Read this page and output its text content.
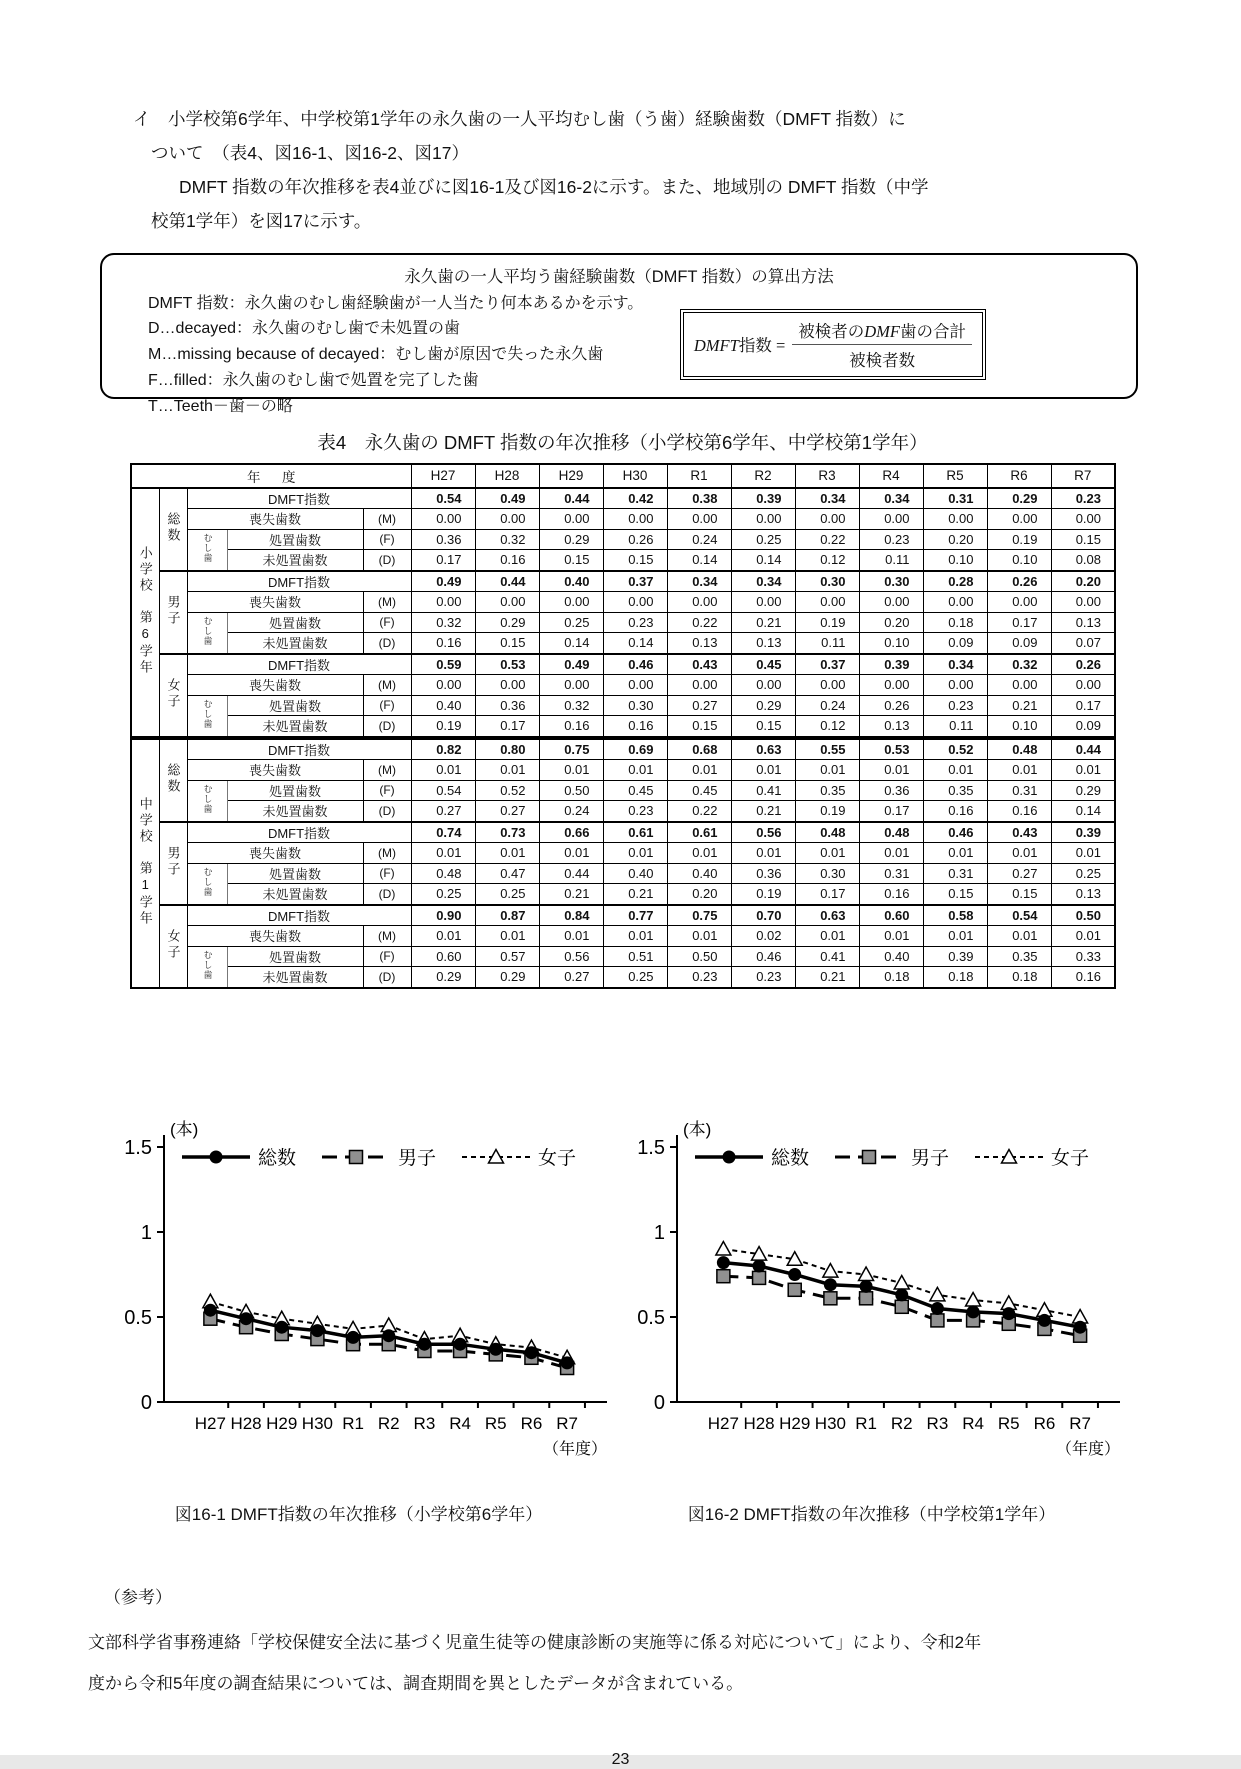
イ　小学校第6学年、中学校第1学年の永久歯の一人平均むし歯（う歯）経験歯数（DMFT 指数）に
ついて　（表4、図16-1、図16-2、図17）
DMFT 指数の年次推移を表4並びに図16-1及び図16-2に示す。また、地域別の DMFT 指数（中学
校第1学年）を図17に示す。
永久歯の一人平均う歯経験歯数（DMFT 指数）の算出方法
DMFT 指数：永久歯のむし歯経験歯が一人当たり何本あるかを示す。
D…decayed：永久歯のむし歯で未処置の歯
M…missing because of decayed：むし歯が原因で失った永久歯
F…filled：永久歯のむし歯で処置を完了した歯
T…Teeth－歯－の略
DMFT指数 = $\frac{\text{被検者のDMF歯の合計}}{\text{被検者数}}$
表4　永久歯の DMFT 指数の年次推移（小学校第6学年、中学校第1学年）
年度					H27	H28	H29	H30	R1	R2	R3	R4	R5	R6	R7
小学校　第6学年	総数	DMFT指数			0.54	0.49	0.44	0.42	0.38	0.39	0.34	0.34	0.31	0.29	0.23
		喪失歯数		(M)	0.00	0.00	0.00	0.00	0.00	0.00	0.00	0.00	0.00	0.00	0.00
		むし歯	処置歯数	(F)	0.36	0.32	0.29	0.26	0.24	0.25	0.22	0.23	0.20	0.19	0.15
			未処置歯数	(D)	0.17	0.16	0.15	0.15	0.14	0.14	0.12	0.11	0.10	0.10	0.08
	男子	DMFT指数			0.49	0.44	0.40	0.37	0.34	0.34	0.30	0.30	0.28	0.26	0.20
		喪失歯数		(M)	0.00	0.00	0.00	0.00	0.00	0.00	0.00	0.00	0.00	0.00	0.00
		むし歯	処置歯数	(F)	0.32	0.29	0.25	0.23	0.22	0.21	0.19	0.20	0.18	0.17	0.13
			未処置歯数	(D)	0.16	0.15	0.14	0.14	0.13	0.13	0.11	0.10	0.09	0.09	0.07
	女子	DMFT指数			0.59	0.53	0.49	0.46	0.43	0.45	0.37	0.39	0.34	0.32	0.26
		喪失歯数		(M)	0.00	0.00	0.00	0.00	0.00	0.00	0.00	0.00	0.00	0.00	0.00
		むし歯	処置歯数	(F)	0.40	0.36	0.32	0.30	0.27	0.29	0.24	0.26	0.23	0.21	0.17
			未処置歯数	(D)	0.19	0.17	0.16	0.16	0.15	0.15	0.12	0.13	0.11	0.10	0.09
中学校　第1学年	総数	DMFT指数			0.82	0.80	0.75	0.69	0.68	0.63	0.55	0.53	0.52	0.48	0.44
		喪失歯数		(M)	0.01	0.01	0.01	0.01	0.01	0.01	0.01	0.01	0.01	0.01	0.01
		むし歯	処置歯数	(F)	0.54	0.52	0.50	0.45	0.45	0.41	0.35	0.36	0.35	0.31	0.29
			未処置歯数	(D)	0.27	0.27	0.24	0.23	0.22	0.21	0.19	0.17	0.16	0.16	0.14
	男子	DMFT指数			0.74	0.73	0.66	0.61	0.61	0.56	0.48	0.48	0.46	0.43	0.39
		喪失歯数		(M)	0.01	0.01	0.01	0.01	0.01	0.01	0.01	0.01	0.01	0.01	0.01
		むし歯	処置歯数	(F)	0.48	0.47	0.44	0.40	0.40	0.36	0.30	0.31	0.31	0.27	0.25
			未処置歯数	(D)	0.25	0.25	0.21	0.21	0.20	0.19	0.17	0.16	0.15	0.15	0.13
	女子	DMFT指数			0.90	0.87	0.84	0.77	0.75	0.70	0.63	0.60	0.58	0.54	0.50
		喪失歯数		(M)	0.01	0.01	0.01	0.01	0.01	0.02	0.01	0.01	0.01	0.01	0.01
		むし歯	処置歯数	(F)	0.60	0.57	0.56	0.51	0.50	0.46	0.41	0.40	0.39	0.35	0.33
			未処置歯数	(D)	0.29	0.29	0.27	0.25	0.23	0.23	0.21	0.18	0.18	0.18	0.16
0
0.5
1
1.5
H27 H28 H29 H30 R1 R2 R3 R4 R5 R6 R7
(本)
（年度）
総数	男子	女子
図16-1 DMFT指数の年次推移（小学校第6学年）
0
0.5
1
1.5
H27 H28 H29 H30 R1 R2 R3 R4 R5 R6 R7
(本)
（年度）
総数	男子	女子
図16-2 DMFT指数の年次推移（中学校第1学年）
（参考）
文部科学省事務連絡「学校保健安全法に基づく児童生徒等の健康診断の実施等に係る対応について」により、令和2年
度から令和5年度の調査結果については、調査期間を異としたデータが含まれている。
23
